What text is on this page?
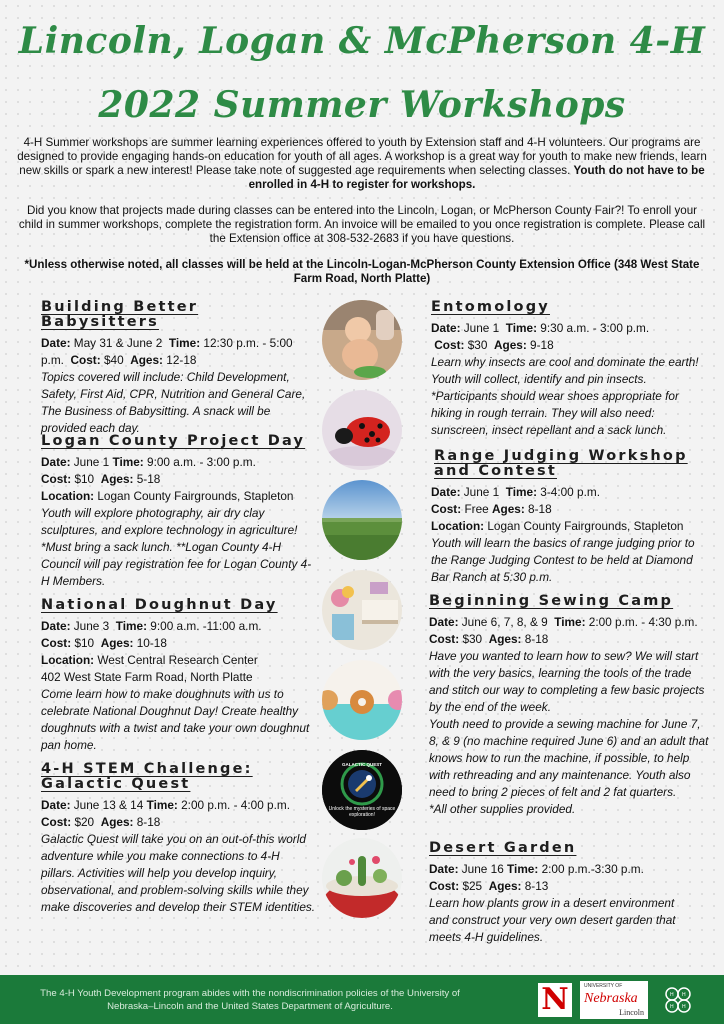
Lincoln, Logan & McPherson 4-H
2022 Summer Workshops
4-H Summer workshops are summer learning experiences offered to youth by Extension staff and 4-H volunteers. Our programs are designed to provide engaging hands-on education for youth of all ages. A workshop is a great way for youth to make new friends, learn new skills or spark a new interest! Please take note of suggested age requirements when selecting classes. Youth do not have to be enrolled in 4-H to register for workshops.
Did you know that projects made during classes can be entered into the Lincoln, Logan, or McPherson County Fair?! To enroll your child in summer workshops, complete the registration form. An invoice will be emailed to you once registration is complete. Please call the Extension office at 308-532-2683 if you have questions.
*Unless otherwise noted, all classes will be held at the Lincoln-Logan-McPherson County Extension Office (348 West State Farm Road, North Platte)
Building Better Babysitters

Date: May 31 & June 2 Time: 12:30 p.m. - 5:00 p.m. Cost: $40 Ages: 12-18

Topics covered will include: Child Development, Safety, First Aid, CPR, Nutrition and General Care, The Business of Babysitting. A snack will be provided each day.

Logan County Project Day

Date: June 1 Time: 9:00 a.m. - 3:00 p.m.

Cost: $10 Ages: 5-18

Location: Logan County Fairgrounds, Stapleton

Youth will explore photography, air dry clay sculptures, and explore technology in agriculture! *Must bring a sack lunch. **Logan County 4-H Council will pay registration fee for Logan County 4-H Members.

National Doughnut Day

Date: June 3 Time: 9:00 a.m. -11:00 a.m.

Cost: $10 Ages: 10-18

Location: West Central Research Center

402 West State Farm Road, North Platte

Come learn how to make doughnuts with us to celebrate National Doughnut Day! Create healthy doughnuts with a twist and take your own doughnut pan home.

4-H STEM Challenge:
Galactic Quest

Date: June 13 & 14 Time: 2:00 p.m. - 4:00 p.m.

Cost: $20 Ages: 8-18

Galactic Quest will take you on an out-of-this world adventure while you make connections to 4-H pillars. Activities will help you develop inquiry, observational, and problem-solving skills while they make discoveries and develop their STEM identities.

Entomology

Date: June 1 Time: 9:30 a.m. - 3:00 p.m.

Cost: $30 Ages: 9-18

Learn why insects are cool and dominate the earth! Youth will collect, identify and pin insects. *Participants should wear shoes appropriate for hiking in rough terrain. They will also need: sunscreen, insect repellant and a sack lunch.

Range Judging Workshop
and Contest

Date: June 1 Time: 3-4:00 p.m.

Cost: Free Ages: 8-18

Location: Logan County Fairgrounds, Stapleton

Youth will learn the basics of range judging prior to the Range Judging Contest to be held at Diamond Bar Ranch at 5:30 p.m.

Beginning Sewing Camp

Date: June 6, 7, 8, & 9 Time: 2:00 p.m. - 4:30 p.m.

Cost: $30 Ages: 8-18

Have you wanted to learn how to sew? We will start with the very basics, learning the tools of the trade and stitch our way to completing a few basic projects by the end of the week.

Youth need to provide a sewing machine for June 7, 8, & 9 (no machine required June 6) and an adult that knows how to run the machine, if possible, to help with rethreading and any maintenance. Youth also need to bring 2 pieces of felt and 2 fat quarters.

*All other supplies provided.

Desert Garden

Date: June 16 Time: 2:00 p.m.-3:30 p.m.

Cost: $25 Ages: 8-13

Learn how plants grow in a desert environment and construct your very own desert garden that meets 4-H guidelines.

GALACTIC QUEST
Unlock the mysteries of space exploration!
The 4-H Youth Development program abides with the nondiscrimination policies of the University of Nebraska–Lincoln and the United States Department of Agriculture.	N	UNIVERSITY OF
Nebraska
Lincoln
H H
H H
